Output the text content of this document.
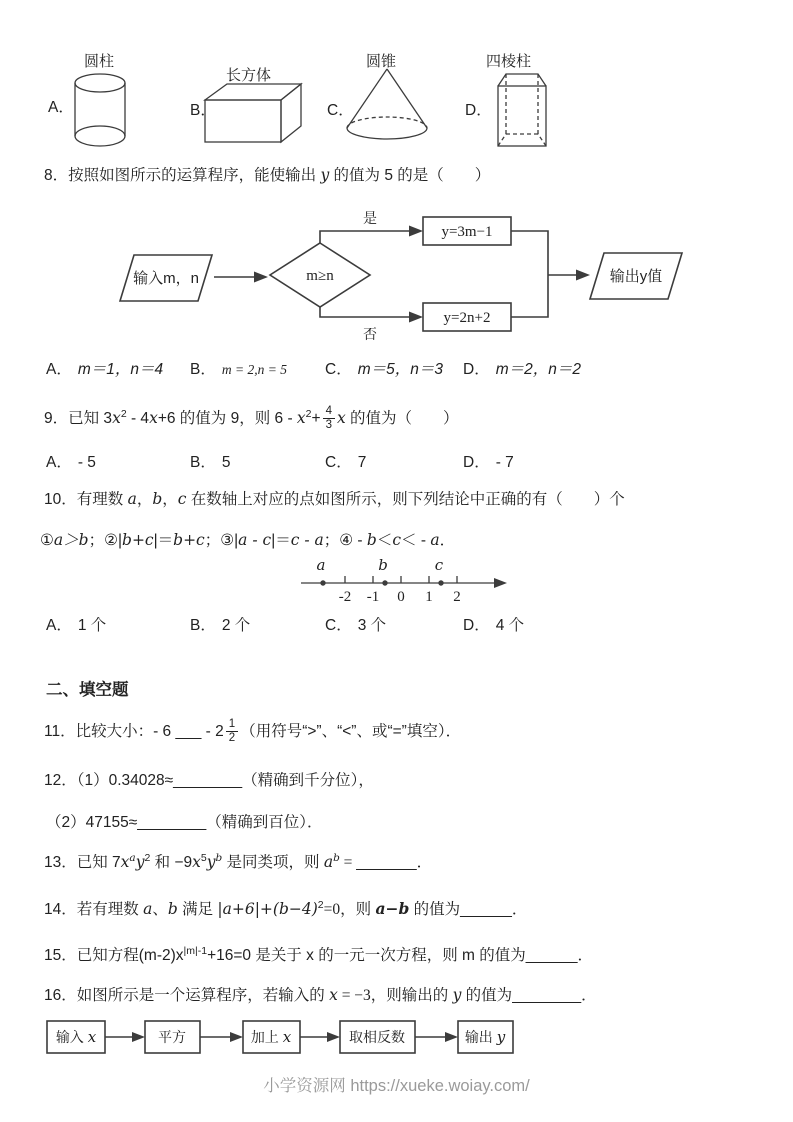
圆柱
A．
长方体
B．
圆锥
C．
四棱柱
D．
8．按照如图所示的运算程序，能使输出 y 的值为 5 的是（　　）
输入m，n	m≥n
是
y=3m−1
否
y=2n+2
输出y值
A． m＝1，n＝4 B． m = 2,n = 5 C． m＝5，n＝3 D． m＝2，n＝2
9．已知 $3x^2 - 4x+6$ 的值为 9，则 $6 - x^2+ \frac{4}{3}$ x 的值为（　　）
A． - 5	B． 5	C． 7	D． - 7
10．有理数 a，b，c 在数轴上对应的点如图所示，则下列结论中正确的有（　　）个
①a＞b；②|b+c|＝b+c；③|a - c|＝c - a；④ - b＜c＜ - a．
-2 -1 0 1 2
a	b	c
A． 1 个	B． 2 个	C． 3 个	D． 4 个
二、填空题
11．比较大小：- 6 ___ - $2 \frac{1}{2}$ （用符号“>”、“<”、或“=”填空）．
12．（1）0.34028≈________（精确到千分位），
（2）47155≈________（精确到百位）．
13．已知 $7x^ay^2$ 和 $-9x^5y^b$ 是同类项，则 $a^b$ = _______．
14．若有理数 a、b 满足 $|a+6|+(b-4)^2=0$，则 a−b 的值为______．
15．已知方程$(m-2)x^{|m|-1}+16=0$ 是关于 x 的一元一次方程，则 m 的值为______．
16．如图所示是一个运算程序，若输入的 x = −3，则输出的 y 的值为________．
输入 x	平方	加上 x	取相反数	输出 y
小学资源网 https://xueke.woiay.com/
